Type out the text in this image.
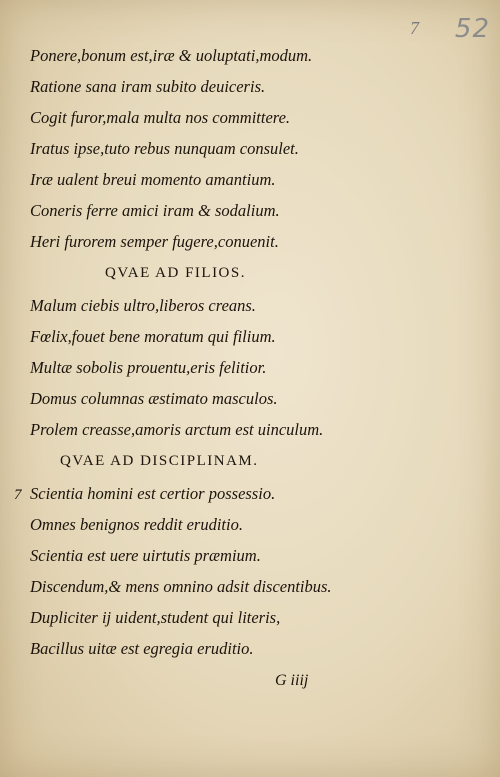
7 52
7
Ponere,bonum est,iræ & uoluptati,modum.
Ratione sana iram subito deuiceris.
Cogit furor,mala multa nos committere.
Iratus ipse,tuto rebus nunquam consulet.
Iræ ualent breui momento amantium.
Coneris ferre amici iram & sodalium.
Heri furorem semper fugere,conuenit.
QVAE AD FILIOS.
Malum ciebis ultro,liberos creans.
Fœlix,fouet bene moratum qui filium.
Multæ sobolis prouentu,eris felitior.
Domus columnas æstimato masculos.
Prolem creasse,amoris arctum est uinculum.
QVAE AD DISCIPLINAM.
Scientia homini est certior possessio.
Omnes benignos reddit eruditio.
Scientia est uere uirtutis præmium.
Discendum,& mens omnino adsit discentibus.
Dupliciter ij uident,student qui literis,
Bacillus uitæ est egregia eruditio.
G iiij
